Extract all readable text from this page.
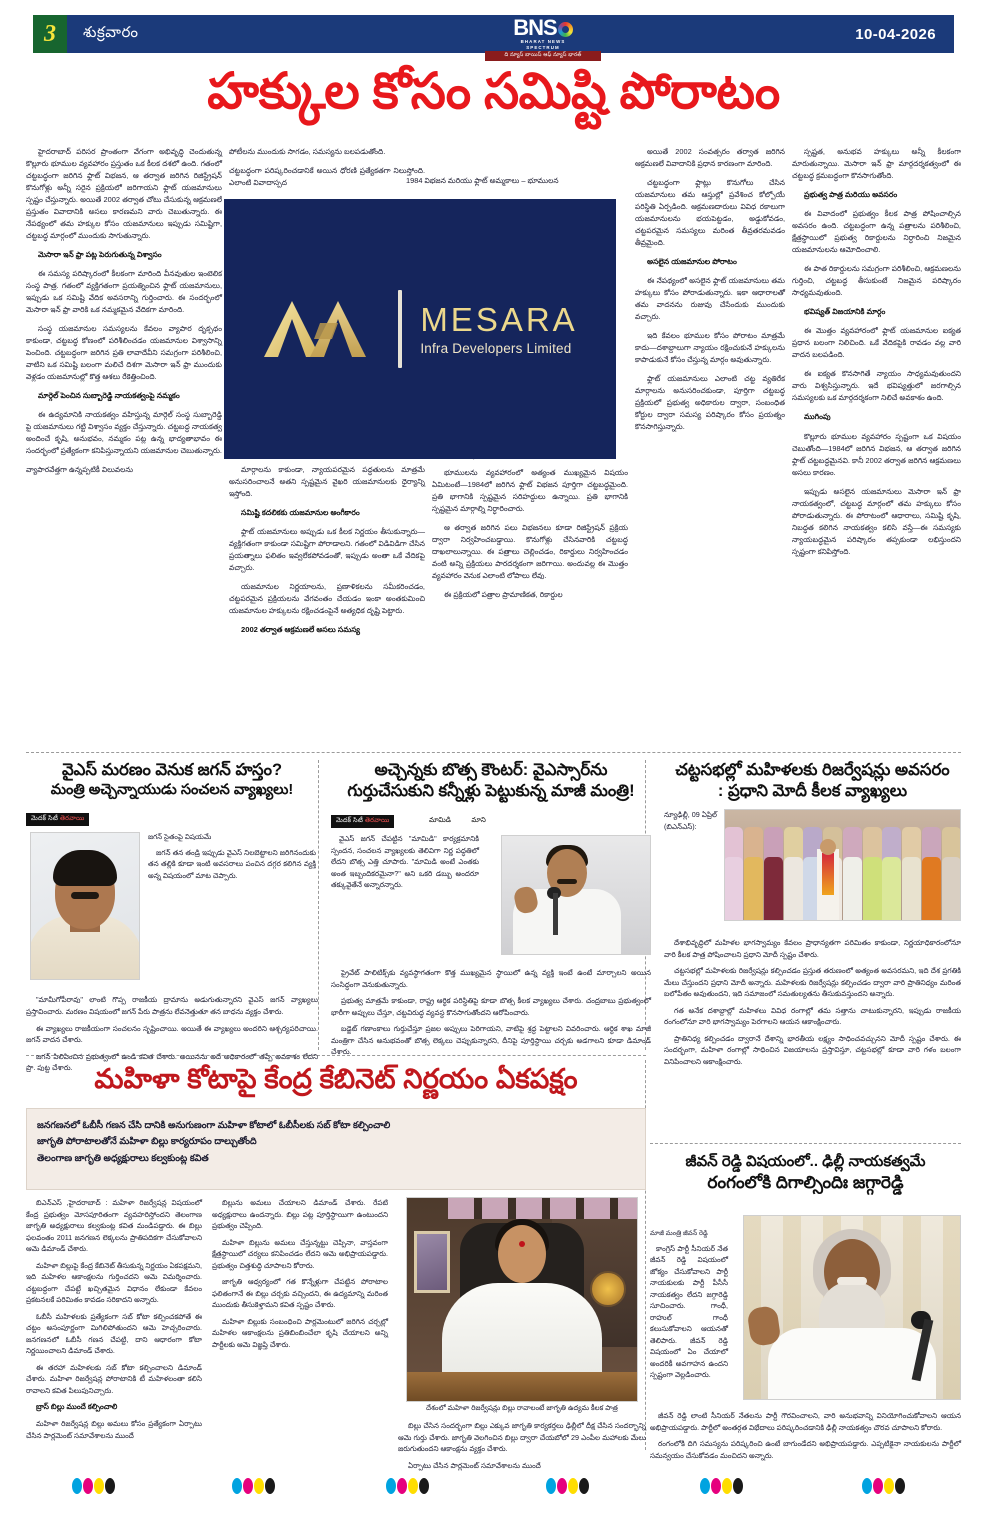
3 శుక్రవారం	BNS
BHARAT NEWS
SPECTRUM
ది న్యూస్ బాయిస్ ఆఫ్ న్యూస్ భారత్
10-04-2026
హక్కుల కోసం సమిష్టి పోరాటం

హైదరాబాద్ పరిసర ప్రాంతంగా వేగంగా అభివృద్ధి చెందుతున్న కొల్లూరు భూముల వ్యవహారం ప్రస్తుతం ఒక కీలక దశలో ఉంది. గతంలో చట్టబద్ధంగా జరిగిన ఫ్లాట్ విభజన, ఆ తర్వాత జరిగిన రిజిస్ట్రేషన్ కొనుగోళ్లు అన్నీ సరైన ప్రక్రియలో జరిగాయని ఫ్లాట్ యజమానులు స్పష్టం చేస్తున్నారు. అయితే 2002 తర్వాత చోటు చేసుకున్న ఆక్రమణలే ప్రస్తుతం వివాదానికి అసలు కారణమని వారు చెబుతున్నారు. ఈ నేపథ్యంలో తమ హక్కుల కోసం యజమానులు ఇప్పుడు సమిష్టిగా, చట్టబద్ధ మార్గంలో ముందుకు సాగుతున్నారు.

మెసారా ఇన్ ఫ్రా పట్ల పెరుగుతున్న విశ్వాసం

ఈ సమస్య పరిష్కారంలో కీలకంగా మారింది వీనవుతుల ఇంటెలిక సంస్థ పాత్ర. గతంలో వ్యక్తిగతంగా ప్రయత్నించిన ఫ్లాట్ యజమానులు, ఇప్పుడు ఒక సమిష్టి వేదిక అవసరాన్ని గుర్తించారు. ఈ సందర్భంలో మెసారా ఇన్ ఫ్రా వారికి ఒక నమ్మకమైన వేదికగా మారింది.

సంస్థ యజమానుల సమస్యలను కేవలం వ్యాపార దృక్పథం కాకుండా, చట్టబద్ధ కోణంలో పరిశీలించడం యజమానుల విశ్వాసాన్ని పెంచింది. చట్టబద్ధంగా జరిగిన ప్రతి లావాదేవీని సమగ్రంగా పరిశీలించి, వాటిని ఒక సమిష్టి బలంగా మలిచే దిశగా మెసారా ఇన్ ఫ్రా ముందుకు వెళ్లడం యజమానుల్లో కొత్త ఆశలు రేకెత్తించింది.

మార్గెల్ పెంచిన సుబ్బారెడ్డి నాయకత్వంపై నమ్మకం

ఈ ఉద్యమానికి నాయకత్వం వహిస్తున్న మార్గెల్ సంస్థ సుబ్బారెడ్డి పై యజమానులు గట్టి విశ్వాసం వ్యక్తం చేస్తున్నారు. చట్టబద్ధ నాయకత్వ అందించే కృషి, అనుభవం, నమ్మకం పట్ల ఉన్న భాద్యతాభావం ఈ సందర్భంలో ప్రత్యేకంగా కనిపిస్తున్నాయని యజమానుల చెబుతున్నారు.

వ్యాపారవేత్తగా ఉన్నప్పటికీ విలువలను

పోటీలను ముందుకు సాగడం, సమస్యను బలపడుతోంది.

చట్టబద్ధంగా పరిష్కరించడానికే అయిన ధోరణి ప్రత్యేకతగా నిలుస్తోంది. ఎలాంటి వివాదాస్పద

మార్గాలను కాకుండా, న్యాయపరమైన పద్ధతులను మాత్రమే అనుసరించాలనే అతని స్పష్టమైన వైఖరి యజమానులకు ధైర్యాన్ని ఇస్తోంది.

సమిష్టి కదలికకు యజమానుల అంగీకారం

ఫ్లాట్ యజమానులు అప్పుడు ఒక కీలక నిర్ణయం తీసుకున్నారు—వ్యక్తిగతంగా కాకుండా సమిష్టిగా పోరాడాలని. గతంలో విడివిడిగా చేసిన ప్రయత్నాలు ఫలితం ఇవ్వలేకపోవడంతో, ఇప్పుడు అంతా ఒకే వేదికపై వచ్చారు.

యజమానుల నిర్ణయాలను, ప్రణాళికలను సమీకరించడం, చట్టపరమైన ప్రక్రియలను వేగవంతం చేయడం ఇంకా అంతకుమించి యజమానుల హక్కులను రక్షించడంపైనే అత్యధిక దృష్టి పెట్టారు.

2002 తర్వాత ఆక్రమణలే అసలు సమస్య

భూములను వ్యవహారంలో అత్యంత ముఖ్యమైన విషయం ఏమిటంటే—1984లో జరిగిన ఫ్లాట్ విభజన పూర్తిగా చట్టబద్ధమైంది. ప్రతి భాగానికి స్పష్టమైన సరిహద్దులు ఉన్నాయి. ప్రతి భాగానికి స్పష్టమైన మార్గాల్ని నిర్ధారించారు.

ఆ తర్వాత జరిగిన పలు విభజనలు కూడా రిజిస్ట్రేషన్ ప్రక్రియ ద్వారా నిర్వహించబడ్డాయి. కొనుగోళ్లు చేసినవారికి చట్టబద్ధ దాఖలాలున్నాయి. ఈ పత్రాలు చెల్లించడం, రికార్డులు నిర్వహించడం వంటి అన్ని ప్రక్రియలు పారదర్శకంగా జరిగాయి. అందువల్ల ఈ మొత్తం వ్యవహారం వెనుక ఎలాంటి లోపాలు లేవు.

ఈ ప్రక్రియలో పత్రాల ప్రామాణికత, రికార్డుల

అయితే 2002 సంవత్సరం తర్వాత జరిగిన ఆక్రమణలే వివాదానికి ప్రధాన కారణంగా మారింది.

చట్టబద్ధంగా ఫ్లాట్లు కొనుగోలు చేసిన యజమానులు తమ ఆస్తుల్లో ప్రవేశించ కోల్పోయే పరిస్థితి ఏర్పడింది. ఆక్రమణదారులు వివిధ రకాలుగా యజమానులను భయపెట్టడం, అడ్డుకోవడం, చట్టపరమైన సమస్యలు మరింత తీవ్రతరమవడం తీవ్రమైంది.

అసలైన యజమానుల పోరాటం

ఈ నేపథ్యంలో అసలైన ఫ్లాట్ యజమానులు తమ హక్కులు కోసం పోరాడుతున్నారు. ఇకా ఆధారాలతో తమ వాదనను రుజువు చేసేందుకు ముందుకు వచ్చారు.

ఇది కేవలం భూముల కోసం పోరాటం మాత్రమే కాదు—దశాబ్దాలుగా న్యాయం రక్షించుకునే హక్కులను కాపాడుకునే కోసం చేస్తున్న మార్గం అవుతున్నారు.

ఫ్లాట్ యజమానులు ఎలాంటి చట్ట వ్యతిరేక మార్గాలను అనుసరించకుండా, పూర్తిగా చట్టబద్ధ ప్రక్రియలో ప్రభుత్వ అధికారుల ద్వారా, సంబంధిత కోర్టుల ద్వారా సమస్య పరిష్కారం కోసం ప్రయత్నం కొనసాగిస్తున్నారు.

స్పష్టత, అనుభవ హక్కులు అన్నీ కీలకంగా మారుతున్నాయి. మెసారా ఇన్ ఫ్రా మార్గదర్శకత్వంలో ఈ చట్టబద్ధ క్రమబద్ధంగా కొనసాగుతోంది.

ప్రభుత్వ పాత్ర మరియు అవసరం

ఈ వివాదంలో ప్రభుత్వం కీలక పాత్ర పోషించాల్సిన అవసరం ఉంది. చట్టబద్ధంగా ఉన్న పత్రాలను పరిశీలించి, క్షేత్రస్థాయిలో ప్రభుత్వ రికార్డులను నిర్ధారించి నిజమైన యజమానులను ఆమోదించాలి.

ఈ పాత రికార్డులను సమగ్రంగా పరిశీలించి, ఆక్రమణలను గుర్తించి, చట్టబద్ధ తీసుకుంటే నిజమైన పరిష్కారం సాధ్యమవుతుంది.

భవిష్యత్ విజయానికి మార్గం

ఈ మొత్తం వ్యవహారంలో ఫ్లాట్ యజమానుల ఐక్యత ప్రధాన బలంగా నిలిచింది. ఒకే వేదికపైకి రావడం వల్ల వారి వాదన బలపడింది.

ఈ ఐక్యత కొనసాగితే న్యాయం సాధ్యమవుతుందని వారు విశ్వసిస్తున్నారు. ఇదే భవిష్యత్తులో జరగాల్సిన సమస్యలకు ఒక మార్గదర్శకంగా నిలిచే అవకాశం ఉంది.

ముగింపు

కొల్లూరు భూముల వ్యవహారం స్పష్టంగా ఒక విషయం చెబుతోంది—1984లో జరిగిన విభజన, ఆ తర్వాత జరిగిన ఫ్లాట్ చట్టబద్ధమైనవి. కానీ 2002 తర్వాత జరిగిన ఆక్రమణలు అసలు కారణం.

ఇప్పుడు అసలైన యజమానులు మెసారా ఇన్ ఫ్రా నాయకత్వంలో, చట్టబద్ధ మార్గంలో తమ హక్కులు కోసం పోరాడుతున్నారు. ఈ పోరాటంలో ఆధారాలు, సమిష్టి కృషి, నిబద్ధత కలిగిన నాయకత్వం కలిసి వస్తే—ఈ సమస్యకు న్యాయబద్ధమైన పరిష్కారం తప్పకుండా లభిస్తుందని స్పష్టంగా కనిపిస్తోంది.

1984 విభజన మరియు ఫ్లాట్ అమ్మకాలు – భూములన
MESARA
Infra Developers Limited
వైఎస్ మరణం వెనుక జగన్ హస్తం?
మంత్రి అచ్చెన్నాయుడు సంచలన వ్యాఖ్యలు!
మెదక్ సిటీ తెరవాయి
జగన్ సైతంపై విషయమే

జగన్ తన తండ్రి ఇప్పుడు వైఎస్ నిలబెట్టాలని జరిగినందుకు తన తల్లికి కూడా ఇంటి అవసరాలు పంచిన దగ్గర కలిగిన వ్యక్తి అన్న విషయంలో మాట చెప్పారు.

"మామీగోపీరావు" లాంటి గొప్ప రాజకీయ ద్రామాను అడుగుతున్నారని వైఎస్ జగన్ వ్యాఖ్యలు ప్రస్తావించారు. మరణం విషయంలో జగన్ పేరు పాత్రను లేవనెత్తుతూ తన బాధను వ్యక్తం చేశారు.

ఈ వ్యాఖ్యలు రాజకీయంగా సంచలనం సృష్టించాయి. అయితే ఈ వ్యాఖ్యలు అందరిని ఆశ్చర్యపరిచాయి. జగన్ వాదన చేశారు.

జగన్ పిలిపించిన ప్రభుత్వంలో ఉండి కవిత చేశారు. అయినను అదే అధికారంలో తప్పే అవకాశం లేదని ప్రొ. పుట్ట చేశారు.

అచ్చెన్నకు బొత్స కౌంటర్: వైఎస్సార్‌ను
గుర్తుచేసుకుని కన్నీళ్లు పెట్టుకున్న మాజీ మంత్రి!
మెదక్ సిటీ తెరవాయి	మామిడి	మాని

వైఎస్ జగన్ చేపట్టిన "మామిడి" కార్యక్రమానికి స్పందన, సంచలన వ్యాఖ్యలకు తెలివిగా నిర్ణ పద్ధతిలో లేదని బొత్స ఎత్తి చూపారు. "మామిడి అంటే ఎంతకు అంత ఇబ్బందికరమైనా?" అని ఒకరి డబ్బు అందరూ తక్కువైతేనే అన్నారన్నారు.

ప్రైవేట్ పాలిటిక్స్‌కు వ్యవస్థాగతంగా కొత్త ముఖ్యమైన స్థాయిలో ఉన్న వ్యక్తి ఇంటే ఉంటే మార్చాలని అయిన సంసిద్ధంగా వెనుకుతున్నారు.

ప్రభుత్వ మాత్రమే కాకుండా, రాష్ట్ర ఆర్థిక పరిస్థితిపై కూడా బొత్స కీలక వ్యాఖ్యలు చేశారు. చంద్రబాబు ప్రభుత్వంలో భారీగా అప్పులు చేస్తూ, చట్టవిరుద్ధ వ్యవస్థ కొనసాగుతోందని ఆరోపించారు.

బడ్జెట్ గణాంకాలు గుర్తుచేస్తూ ప్రజల అప్పులు పెరిగాయని, వాటిపై శ్రద్ధ పెట్టాలని వివరించారు. ఆర్థిక శాఖ మాజీ మంత్రిగా చేసిన అనుభవంతో బొత్స లెక్కలు చెప్పుకున్నారని, దీనిపై పూర్తిస్థాయి చర్చకు అడగాలని కూడా డిమాండ్ చేశారు.

చట్టసభల్లో మహిళలకు రిజర్వేషన్లు అవసరం
: ప్రధాని మోదీ కీలక వ్యాఖ్యలు
న్యూఢిల్లీ, 09 ఏప్రిల్ (బిఎన్ఎస్):

దేశాభివృద్ధిలో మహిళల భాగస్వామ్యం కేవలం ప్రాధాన్యతగా పరిమితం కాకుండా, నిర్ణయాధికారంలోనూ వారి కీలక పాత్ర పోషించాలని ప్రధాని మోదీ స్పష్టం చేశారు.

చట్టసభల్లో మహిళలకు రిజర్వేషన్లు కల్పించడం ప్రస్తుత తరుణంలో అత్యంత అవసరమని, ఇది దేశ ప్రగతికి మేలు చేస్తుందని ప్రధాని మోదీ అన్నారు. మహిళలకు రిజర్వేషన్లు కల్పించడం ద్వారా వారి ప్రాతినిధ్యం మరింత బలోపేతం అవుతుందని, ఇది సమాజంలో సమతుల్యతను తీసుకువస్తుందని అన్నారు.

గత అనేక దశాబ్దాల్లో మహిళలు వివిధ రంగాల్లో తమ సత్తాను చాటుకున్నారని, ఇప్పుడు రాజకీయ రంగంలోనూ వారి భాగస్వామ్యం పెరగాలని ఆయన ఆకాంక్షించారు.

ప్రాతినిధ్య కల్పించడం ద్వారానే దేశాన్ని భారతీయ లక్ష్యం సాధించవచ్చునని మోదీ స్పష్టం చేశారు. ఈ సందర్భంగా, మహిళా రంగాల్లో సాధించిన విజయాలను ప్రస్తావిస్తూ, చట్టసభల్లో కూడా వారి గళం బలంగా వినిపించాలని ఆకాంక్షించారు.

మహిళా కోటాపై కేంద్ర కేబినెట్ నిర్ణయం ఏకపక్షం
జనగణనలో ఓబీసీ గణన చేసి దానికి అనుగుణంగా మహిళా కోటాలో ఓబీసీలకు సబ్ కోటా కల్పించాలి
జాగృతి పోరాటాలతోనే మహిళా బిల్లు కార్యరూపం దాల్చుతోంది
తెలంగాణ జాగృతి అధ్యక్షురాలు కల్వకుంట్ల కవిత

బిఎన్ఎస్ ,హైదరాబాద్ : మహిళా రిజర్వేషన్ల విషయంలో కేంద్ర ప్రభుత్వం మోసపూరితంగా వ్యవహరిస్తోందని తెలంగాణ జాగృతి అధ్యక్షురాలు కల్వకుంట్ల కవిత మండిపడ్డారు. ఈ బిల్లు ఫలవంతం 2011 జనగణన లెక్కలను ప్రాతిపదికగా చేసుకోవాలని ఆమె డిమాండ్ చేశారు.

మహిళా బిల్లుపై కేంద్ర కేబినెట్ తీసుకున్న నిర్ణయం ఏకపక్షమని, ఇది మహిళల ఆకాంక్షలను గుర్తించదని ఆమె విమర్శించారు. చట్టబద్ధంగా చేపట్టే ఖచ్చితమైన విధానం లేకుండా కేవలం ప్రకటనలకే పరిమితం కావడం సరికాదని అన్నారు.

ఓబీసీ మహిళలకు ప్రత్యేకంగా సబ్ కోటా కల్పించకపోతే ఈ చట్టం అసంపూర్ణంగా మిగిలిపోతుందని ఆమె హెచ్చరించారు. జనగణనలో ఓబీసీ గణన చేపట్టి, దాని ఆధారంగా కోటా నిర్ణయించాలని డిమాండ్ చేశారు.

ఈ తరహా మహిళలకు సబ్ కోటా కల్పించాలని డిమాండ్ చేశారు. మహిళా రిజర్వేషన్ల పోరాటానికి టీ మహిళలంతా కలిసి రావాలని కవిత పిలుపునిచ్చారు.

బ్రాస్ బిల్లు ముందే కల్పించాలి

మహిళా రిజర్వేషన్ల బిల్లు అమలు కోసం ప్రత్యేకంగా ఏర్పాటు చేసిన పార్లమెంట్ సమావేశాలను ముందే

బిల్లును అమలు చేయాలని డిమాండ్ చేశారు. రేపటి అధ్యక్షురాలు ఉందన్నారు. బిల్లు పట్ల పూర్తిస్థాయిగా ఉంటుందని ప్రభుత్వం చెప్పింది.

మహిళా బిల్లును అమలు చేస్తున్నట్టు చెప్పినా, వాస్తవంగా క్షేత్రస్థాయిలో చర్యలు కనిపించడం లేదని ఆమె అభిప్రాయపడ్డారు. ప్రభుత్వం చిత్తశుద్ధి చూపాలని కోరారు.

జాగృతి ఆధ్వర్యంలో గత కొన్నేళ్లుగా చేపట్టిన పోరాటాల ఫలితంగానే ఈ బిల్లు చర్చకు వచ్చిందని, ఈ ఉద్యమాన్ని మరింత ముందుకు తీసుకెళ్తామని కవిత స్పష్టం చేశారు.

మహిళా బిల్లుకు సంబంధించి పార్లమెంటులో జరిగిన చర్చల్లో మహిళల ఆకాంక్షలను ప్రతిబింబించేలా కృషి చేయాలని అన్ని పార్టీలకు ఆమె విజ్ఞప్తి చేశారు.

దేశంలో మహిళా రిజర్వేషన్లు బిల్లు రావాలంటే జాగృతి ఉద్యమ కీలక పాత్ర

బిల్లు చేసిన సందర్భంగా బిల్లు ఎక్కువ జాగృతి కార్యకర్తలు ఢిల్లీలో దీక్ష చేసిన సందర్భాన్ని ఆమె గుర్తు చేశారు. జాగృతి వెలగించిన బిల్లు ద్వారా చేయబోలో 29 ఎంపీల మహాలకు మేలు జరుగుతుందని ఆకాంక్షను వ్యక్తం చేశారు.

ఏర్పాటు చేసిన పార్లమెంట్ సమావేశాలను ముందే

జీవన్ రెడ్డి విషయంలో.. ఢిల్లీ నాయకత్వమే
రంగంలోకి దిగాల్సిందిః జగ్గారెడ్డి
మాజీ మంత్రి జీవన్ రెడ్డి

కాంగ్రెస్ పార్టీ సీనియర్ నేత జీవన్ రెడ్డి విషయంలో జోక్యం చేసుకోవాలని పార్టీ నాయకులకు పార్టీ పీసీసీ నాయకత్వం లేదని జగ్గారెడ్డి సూచించారు. గాంధీ, రాహుల్ గాంధీ కలుసుకోవాలని ఆయనతో తెలిపారు. జీవన్ రెడ్డి విషయంలో ఏం చేయాలో అందరికీ అవగాహన ఉందని స్పష్టంగా వెల్లడించారు.

జీవన్ రెడ్డి లాంటి సీనియర్ నేతలను పార్టీ గౌరవించాలని, వారి అనుభవాన్ని వినియోగించుకోవాలని ఆయన అభిప్రాయపడ్డారు. పార్టీలో అంతర్గత విభేదాలు పరిష్కరించడానికి ఢిల్లీ నాయకత్వం చొరవ చూపాలని కోరారు.

రంగంలోకి దిగి సమస్యను పరిష్కరించి ఉంటే బాగుండేదని అభిప్రాయపడ్డారు. ఎప్పటికైనా నాయకులను పార్టీలో సమన్వయం చేసుకోవడం మంచిదని అన్నారు.
